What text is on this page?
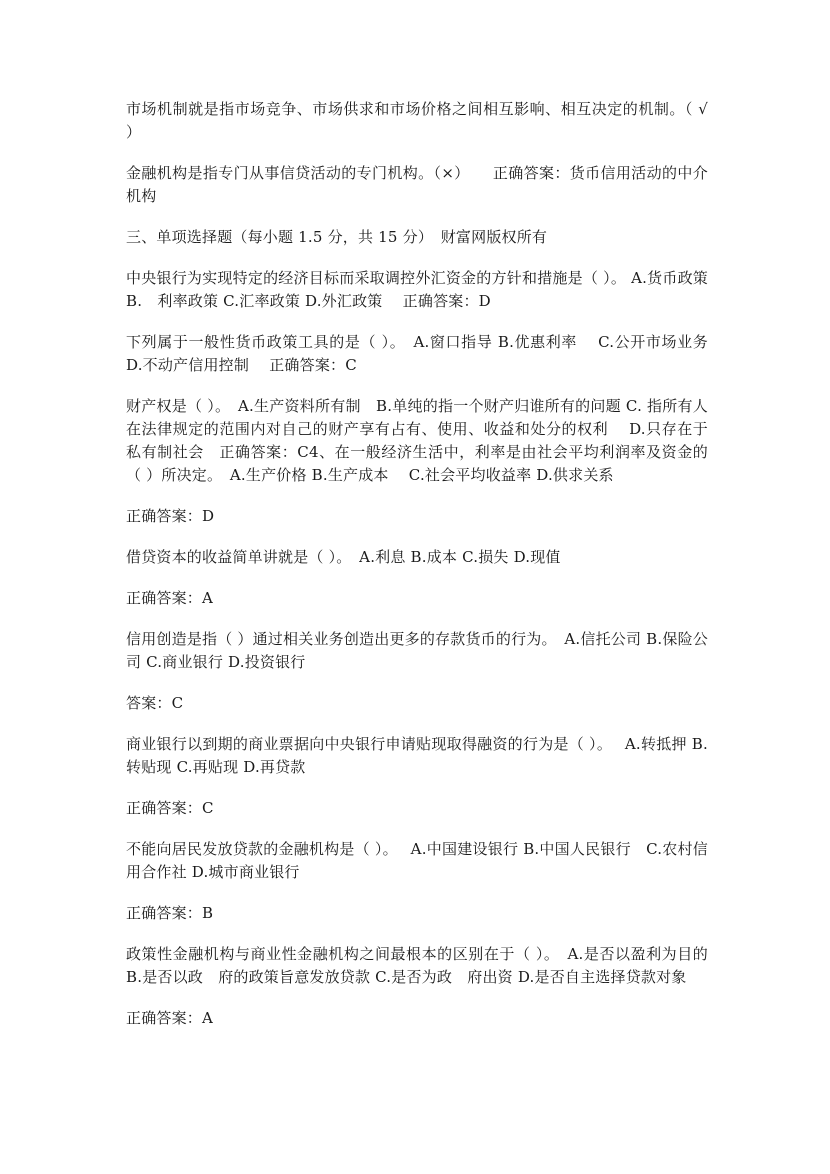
市场机制就是指市场竞争、市场供求和市场价格之间相互影响、相互决定的机制。（ √ ）

金融机构是指专门从事信贷活动的专门机构。（×）　　正确答案：货币信用活动的中介机构

三、单项选择题（每小题 1.5 分，共 15 分）　财富网版权所有

中央银行为实现特定的经济目标而采取调控外汇资金的方针和措施是（ ）。 A.货币政策 B.　利率政策 C.汇率政策 D.外汇政策　 正确答案：D

下列属于一般性货币政策工具的是（ ）。　A.窗口指导 B.优惠利率　 C.公开市场业务 D.不动产信用控制　 正确答案：C

财产权是（ ）。　A.生产资料所有制　B.单纯的指一个财产归谁所有的问题 C. 指所有人在法律规定的范围内对自己的财产享有占有、使用、收益和处分的权利　 D.只存在于私有制社会　正确答案：C4、在一般经济生活中，利率是由社会平均利润率及资金的（ ）所决定。　A.生产价格 B.生产成本　 C.社会平均收益率 D.供求关系

正确答案：D

借贷资本的收益简单讲就是（ ）。　A.利息 B.成本 C.损失 D.现值

正确答案：A

信用创造是指（ ）通过相关业务创造出更多的存款货币的行为。　A.信托公司 B.保险公司 C.商业银行 D.投资银行

答案：C

商业银行以到期的商业票据向中央银行申请贴现取得融资的行为是（ ）。　 A.转抵押 B.转贴现 C.再贴现 D.再贷款

正确答案：C

不能向居民发放贷款的金融机构是（ ）。　 A.中国建设银行 B.中国人民银行　C.农村信用合作社 D.城市商业银行

正确答案：B

政策性金融机构与商业性金融机构之间最根本的区别在于（ ）。　A.是否以盈利为目的 B.是否以政　府的政策旨意发放贷款 C.是否为政　府出资 D.是否自主选择贷款对象

正确答案：A
